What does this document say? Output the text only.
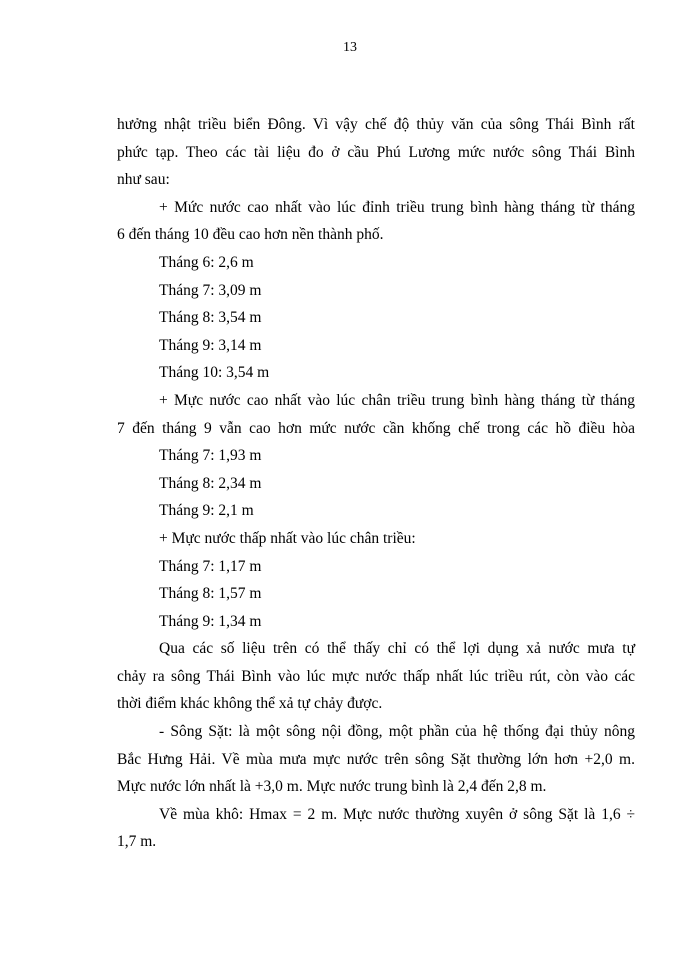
13
hưởng nhật triều biển Đông. Vì vậy chế độ thủy văn của sông Thái Bình rất
phức tạp. Theo các tài liệu đo ở cầu Phú Lương mức nước sông Thái Bình
như sau:
+ Mức nước cao nhất vào lúc đỉnh triều trung bình hàng tháng từ tháng
6 đến tháng 10 đều cao hơn nền thành phố.
Tháng 6: 2,6 m
Tháng 7: 3,09 m
Tháng 8: 3,54 m
Tháng 9: 3,14 m
Tháng 10: 3,54 m
+ Mực nước cao nhất vào lúc chân triều trung bình hàng tháng từ tháng
7 đến tháng 9 vẫn cao hơn mức nước cần khống chế trong các hồ điều hòa
Tháng 7: 1,93 m
Tháng 8: 2,34 m
Tháng 9: 2,1 m
+ Mực nước thấp nhất vào lúc chân triều:
Tháng 7: 1,17 m
Tháng 8: 1,57 m
Tháng 9: 1,34 m
Qua các số liệu trên có thể thấy chỉ có thể lợi dụng xả nước mưa tự
chảy ra sông Thái Bình vào lúc mực nước thấp nhất lúc triều rút, còn vào các
thời điểm khác không thể xả tự chảy được.
- Sông Sặt: là một sông nội đồng, một phần của hệ thống đại thủy nông
Bắc Hưng Hải. Về mùa mưa mực nước trên sông Sặt thường lớn hơn +2,0 m.
Mực nước lớn nhất là +3,0 m. Mực nước trung bình là 2,4 đến 2,8 m.
Về mùa khô: Hmax = 2 m. Mực nước thường xuyên ở sông Sặt là 1,6 ÷
1,7 m.
